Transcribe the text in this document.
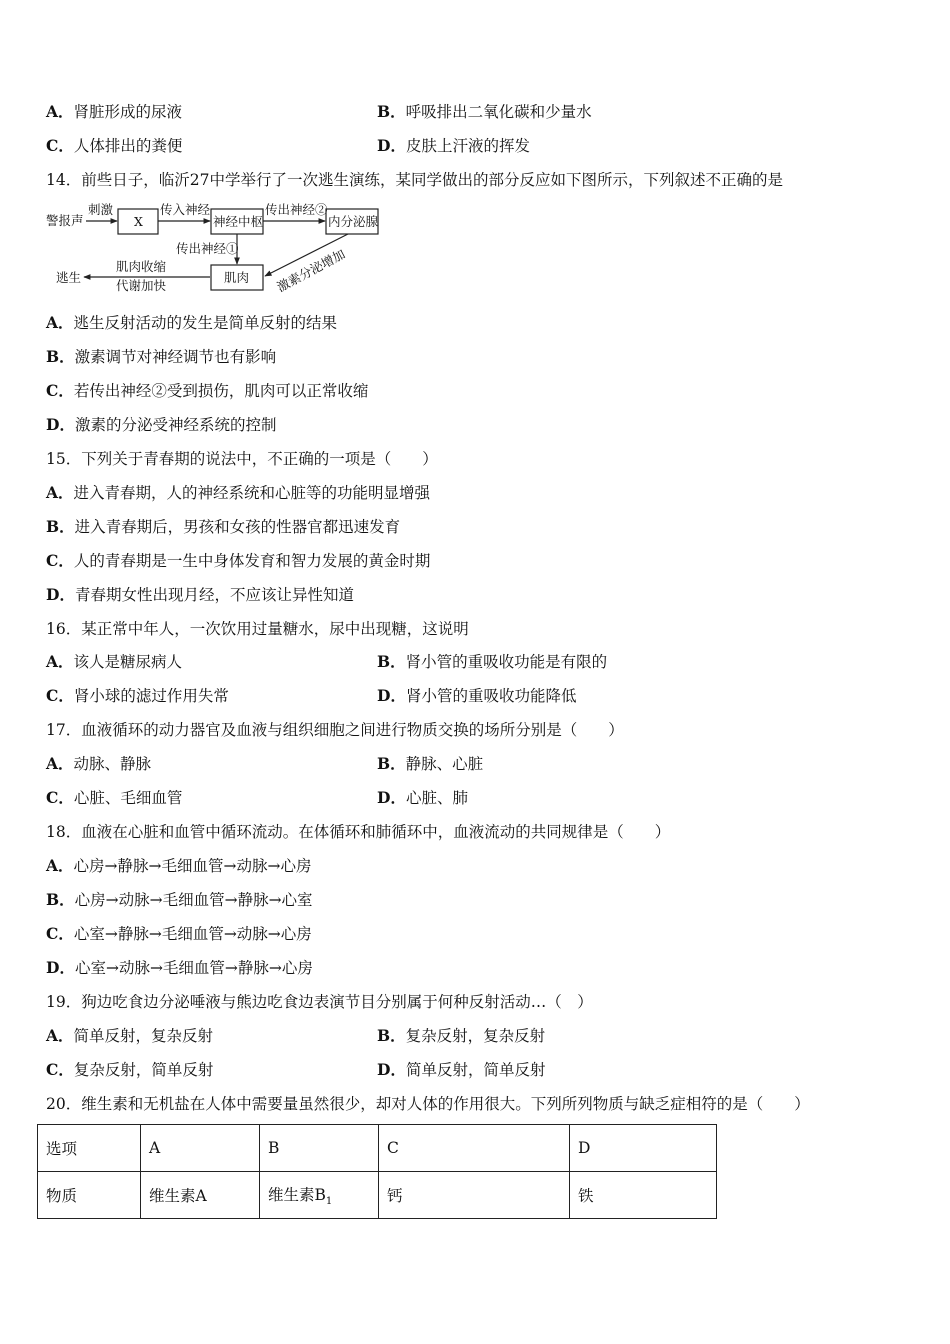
A．肾脏形成的尿液	B．呼吸排出二氧化碳和少量水
C．人体排出的粪便	D．皮肤上汗液的挥发
14．前些日子，临沂27中学举行了一次逃生演练，某同学做出的部分反应如下图所示，下列叙述不正确的是
警报声
刺激
X
传入神经
神经中枢
传出神经②
内分泌腺
传出神经①	激素分泌增加
肌肉
肌肉收缩
代谢加快
逃生
A．逃生反射活动的发生是简单反射的结果
B．激素调节对神经调节也有影响
C．若传出神经②受到损伤，肌肉可以正常收缩
D．激素的分泌受神经系统的控制
15．下列关于青春期的说法中，不正确的一项是（　　）
A．进入青春期，人的神经系统和心脏等的功能明显增强
B．进入青春期后，男孩和女孩的性器官都迅速发育
C．人的青春期是一生中身体发育和智力发展的黄金时期
D．青春期女性出现月经，不应该让异性知道
16．某正常中年人，一次饮用过量糖水，尿中出现糖，这说明
A．该人是糖尿病人	B．肾小管的重吸收功能是有限的
C．肾小球的滤过作用失常	D．肾小管的重吸收功能降低
17．血液循环的动力器官及血液与组织细胞之间进行物质交换的场所分别是（　　）
A．动脉、静脉	B．静脉、心脏
C．心脏、毛细血管	D．心脏、肺
18．血液在心脏和血管中循环流动。在体循环和肺循环中，血液流动的共同规律是（　　）
A．心房→静脉→毛细血管→动脉→心房
B．心房→动脉→毛细血管→静脉→心室
C．心室→静脉→毛细血管→动脉→心房
D．心室→动脉→毛细血管→静脉→心房
19．狗边吃食边分泌唾液与熊边吃食边表演节目分别属于何种反射活动…（　）
A．简单反射，复杂反射	B．复杂反射，复杂反射
C．复杂反射，简单反射	D．简单反射，简单反射
20．维生素和无机盐在人体中需要量虽然很少，却对人体的作用很大。下列所列物质与缺乏症相符的是（　　）
选项	A	B	C	D
物质	维生素A	维生素$B_1$	钙	铁
